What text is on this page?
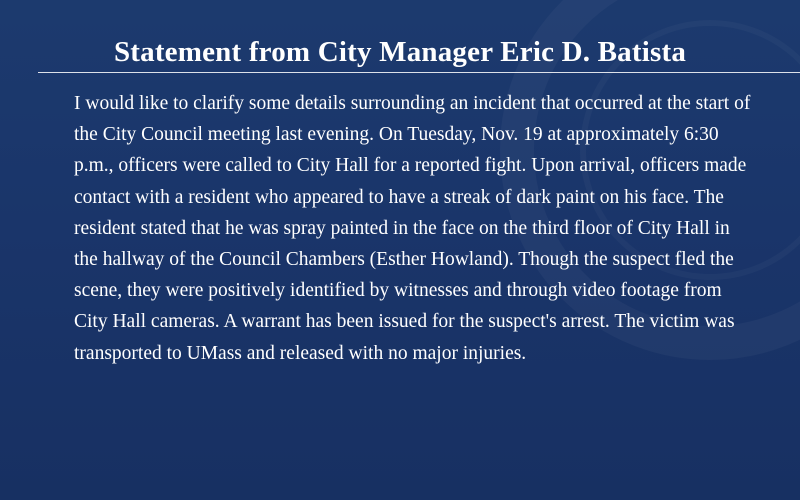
Statement from City Manager Eric D. Batista

I would like to clarify some details surrounding an incident that occurred at the start of the City Council meeting last evening. On Tuesday, Nov. 19 at approximately 6:30 p.m., officers were called to City Hall for a reported fight. Upon arrival, officers made contact with a resident who appeared to have a streak of dark paint on his face. The resident stated that he was spray painted in the face on the third floor of City Hall in the hallway of the Council Chambers (Esther Howland). Though the suspect fled the scene, they were positively identified by witnesses and through video footage from City Hall cameras. A warrant has been issued for the suspect's arrest. The victim was transported to UMass and released with no major injuries.
